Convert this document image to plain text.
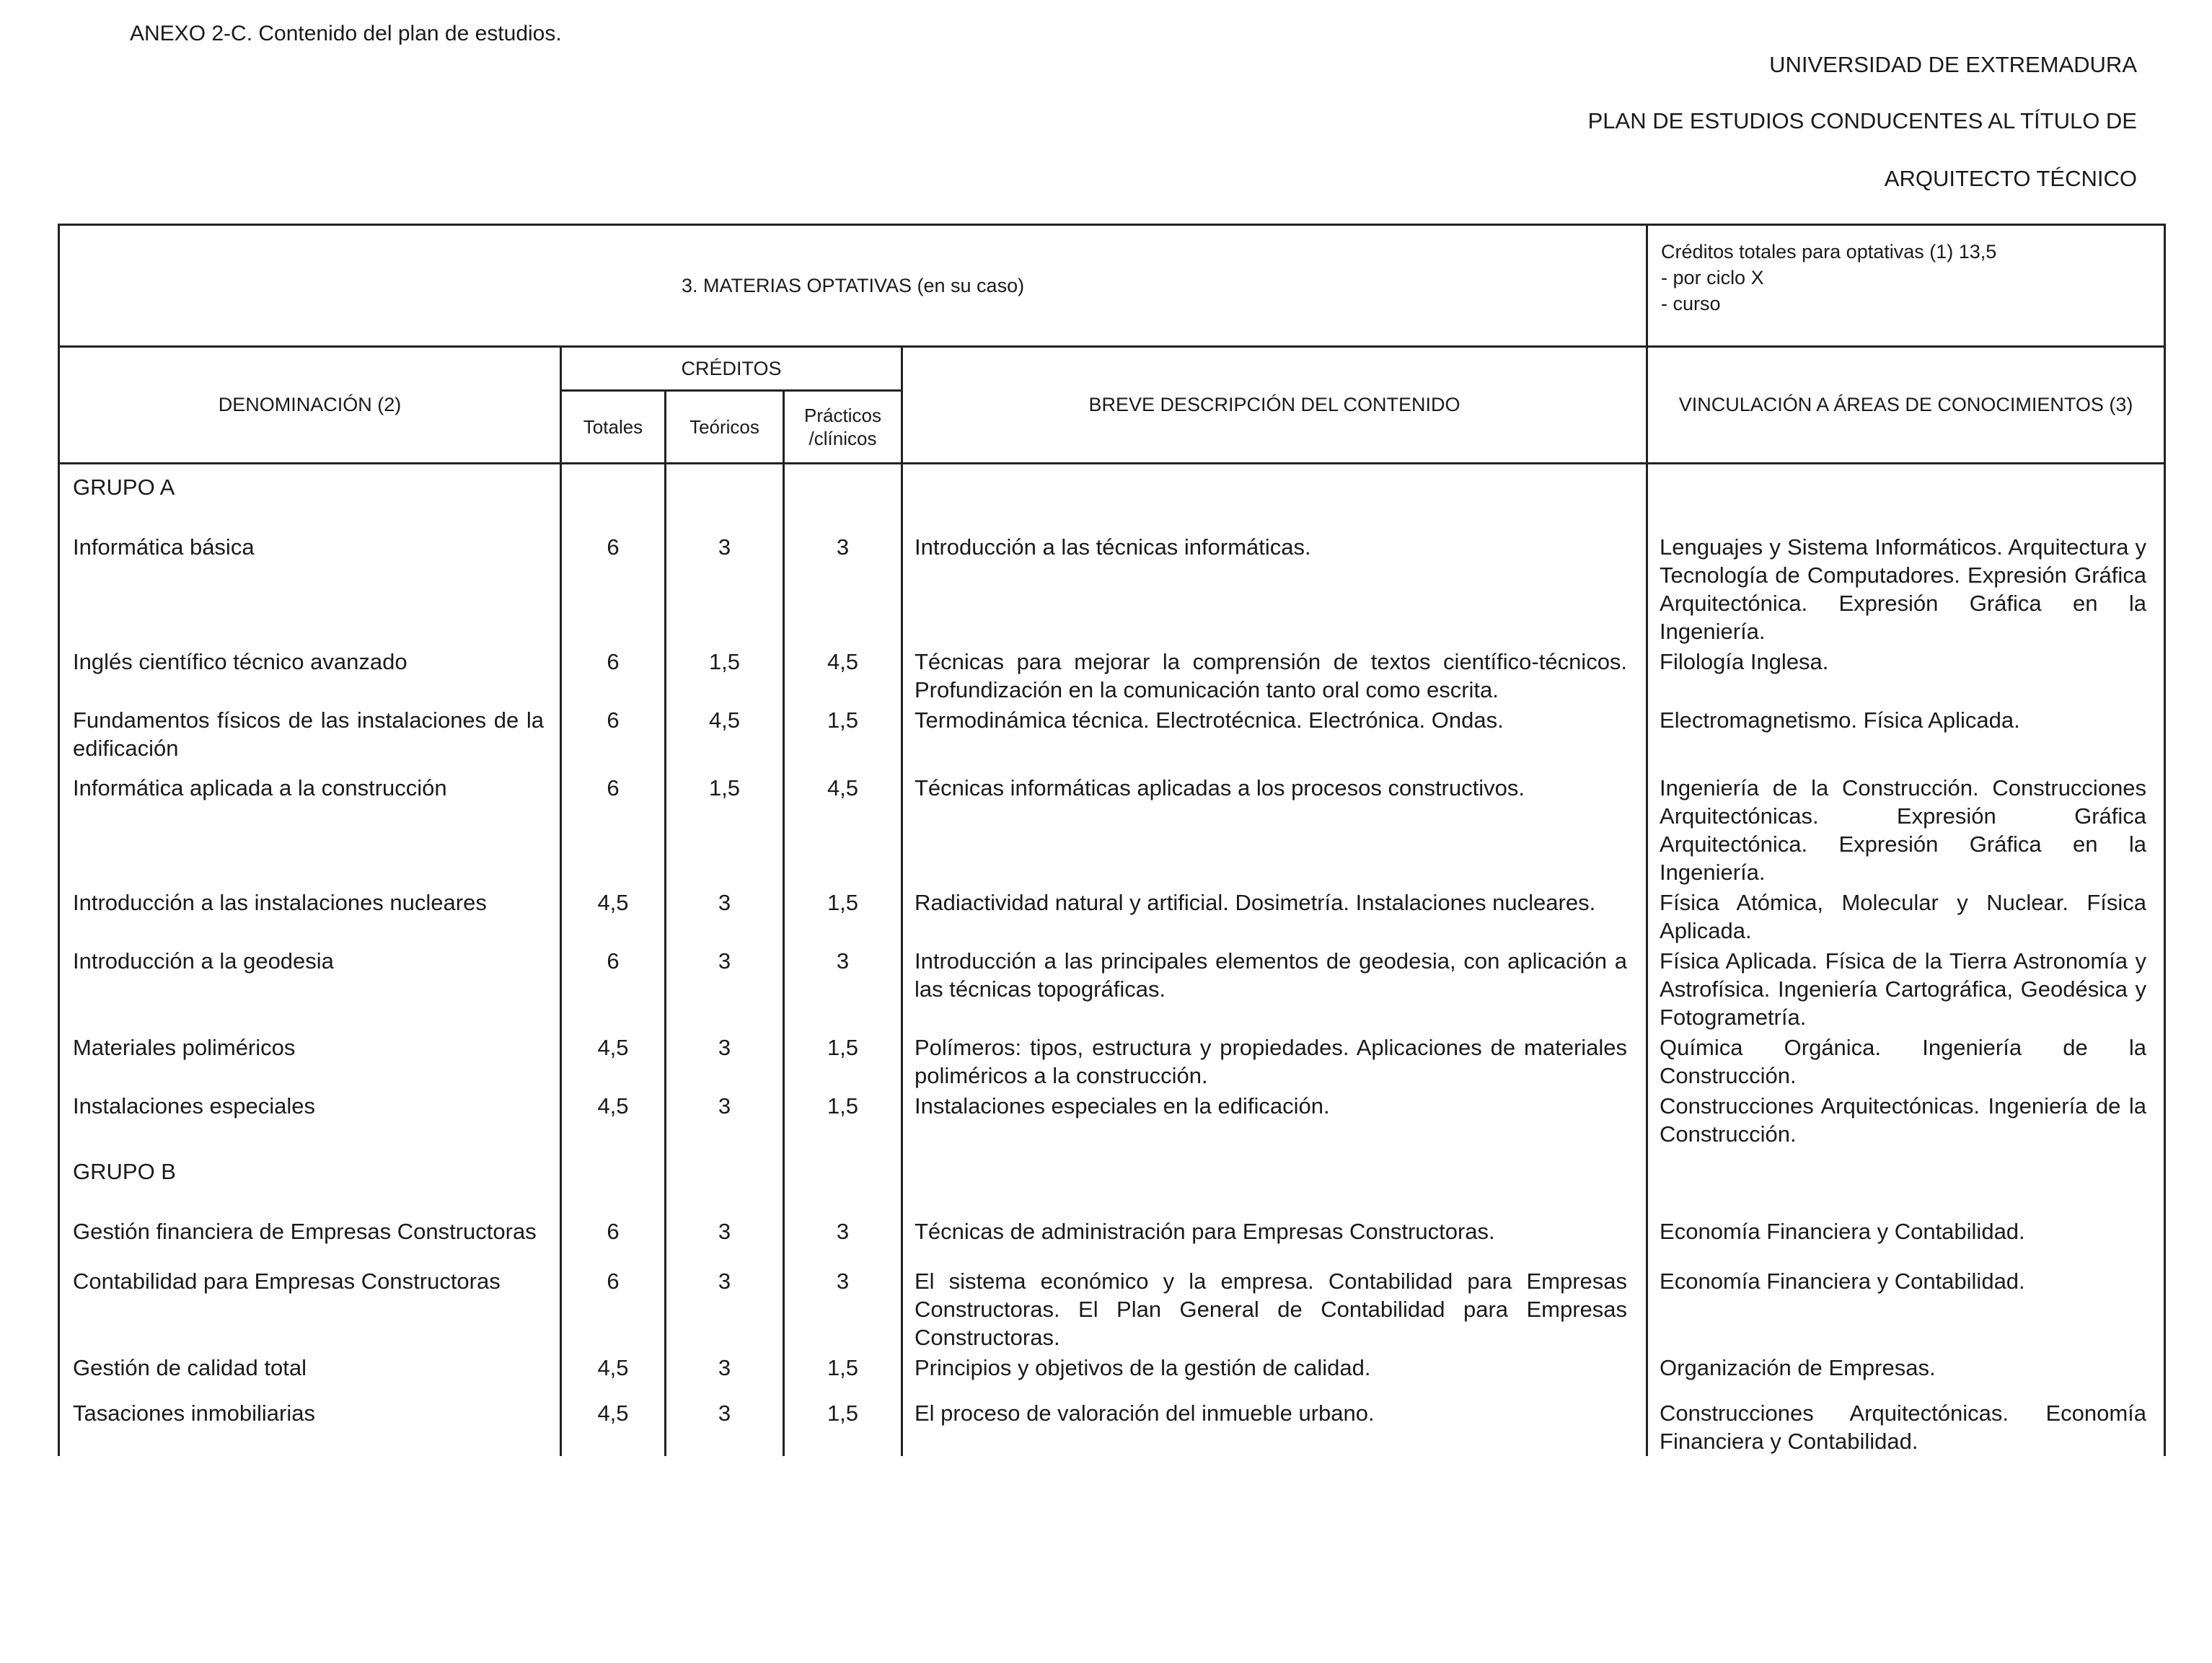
ANEXO 2-C. Contenido del plan de estudios.
UNIVERSIDAD DE EXTREMADURA
PLAN DE ESTUDIOS CONDUCENTES AL TÍTULO DE
ARQUITECTO TÉCNICO
3. MATERIAS OPTATIVAS (en su caso)					Créditos totales para optativas (1) 13,5
- por ciclo X
- curso

DENOMINACIÓN (2)	CRÉDITOS			BREVE DESCRIPCIÓN DEL CONTENIDO	VINCULACIÓN A ÁREAS DE CONOCIMIENTOS (3)
	Totales	Teóricos	Prácticos /clínicos		
GRUPO A					
Informática básica	6	3	3	Introducción a las técnicas informáticas.	Lenguajes y Sistema Informáticos. Arquitectura y Tecnología de Computadores. Expresión Gráfica Arquitectónica. Expresión Gráfica en la Ingeniería.
Inglés científico técnico avanzado	6	1,5	4,5	Técnicas para mejorar la comprensión de textos científico-técnicos. Profundización en la comunicación tanto oral como escrita.	Filología Inglesa.
Fundamentos físicos de las instalaciones de la edificación	6	4,5	1,5	Termodinámica técnica. Electrotécnica. Electrónica. Ondas.	Electromagnetismo. Física Aplicada.
Informática aplicada a la construcción	6	1,5	4,5	Técnicas informáticas aplicadas a los procesos constructivos.	Ingeniería de la Construcción. Construcciones Arquitectónicas. Expresión Gráfica Arquitectónica. Expresión Gráfica en la Ingeniería.
Introducción a las instalaciones nucleares	4,5	3	1,5	Radiactividad natural y artificial. Dosimetría. Instalaciones nucleares.	Física Atómica, Molecular y Nuclear. Física Aplicada.
Introducción a la geodesia	6	3	3	Introducción a las principales elementos de geodesia, con aplicación a las técnicas topográficas.	Física Aplicada. Física de la Tierra Astronomía y Astrofísica. Ingeniería Cartográfica, Geodésica y Fotogrametría.
Materiales poliméricos	4,5	3	1,5	Polímeros: tipos, estructura y propiedades. Aplicaciones de materiales poliméricos a la construcción.	Química Orgánica. Ingeniería de la Construcción.
Instalaciones especiales	4,5	3	1,5	Instalaciones especiales en la edificación.	Construcciones Arquitectónicas. Ingeniería de la Construcción.
GRUPO B					
Gestión financiera de Empresas Constructoras	6	3	3	Técnicas de administración para Empresas Constructoras.	Economía Financiera y Contabilidad.
Contabilidad para Empresas Constructoras	6	3	3	El sistema económico y la empresa. Contabilidad para Empresas Constructoras. El Plan General de Contabilidad para Empresas Constructoras.	Economía Financiera y Contabilidad.
Gestión de calidad total	4,5	3	1,5	Principios y objetivos de la gestión de calidad.	Organización de Empresas.
Tasaciones inmobiliarias	4,5	3	1,5	El proceso de valoración del inmueble urbano.	Construcciones Arquitectónicas. Economía Financiera y Contabilidad.
